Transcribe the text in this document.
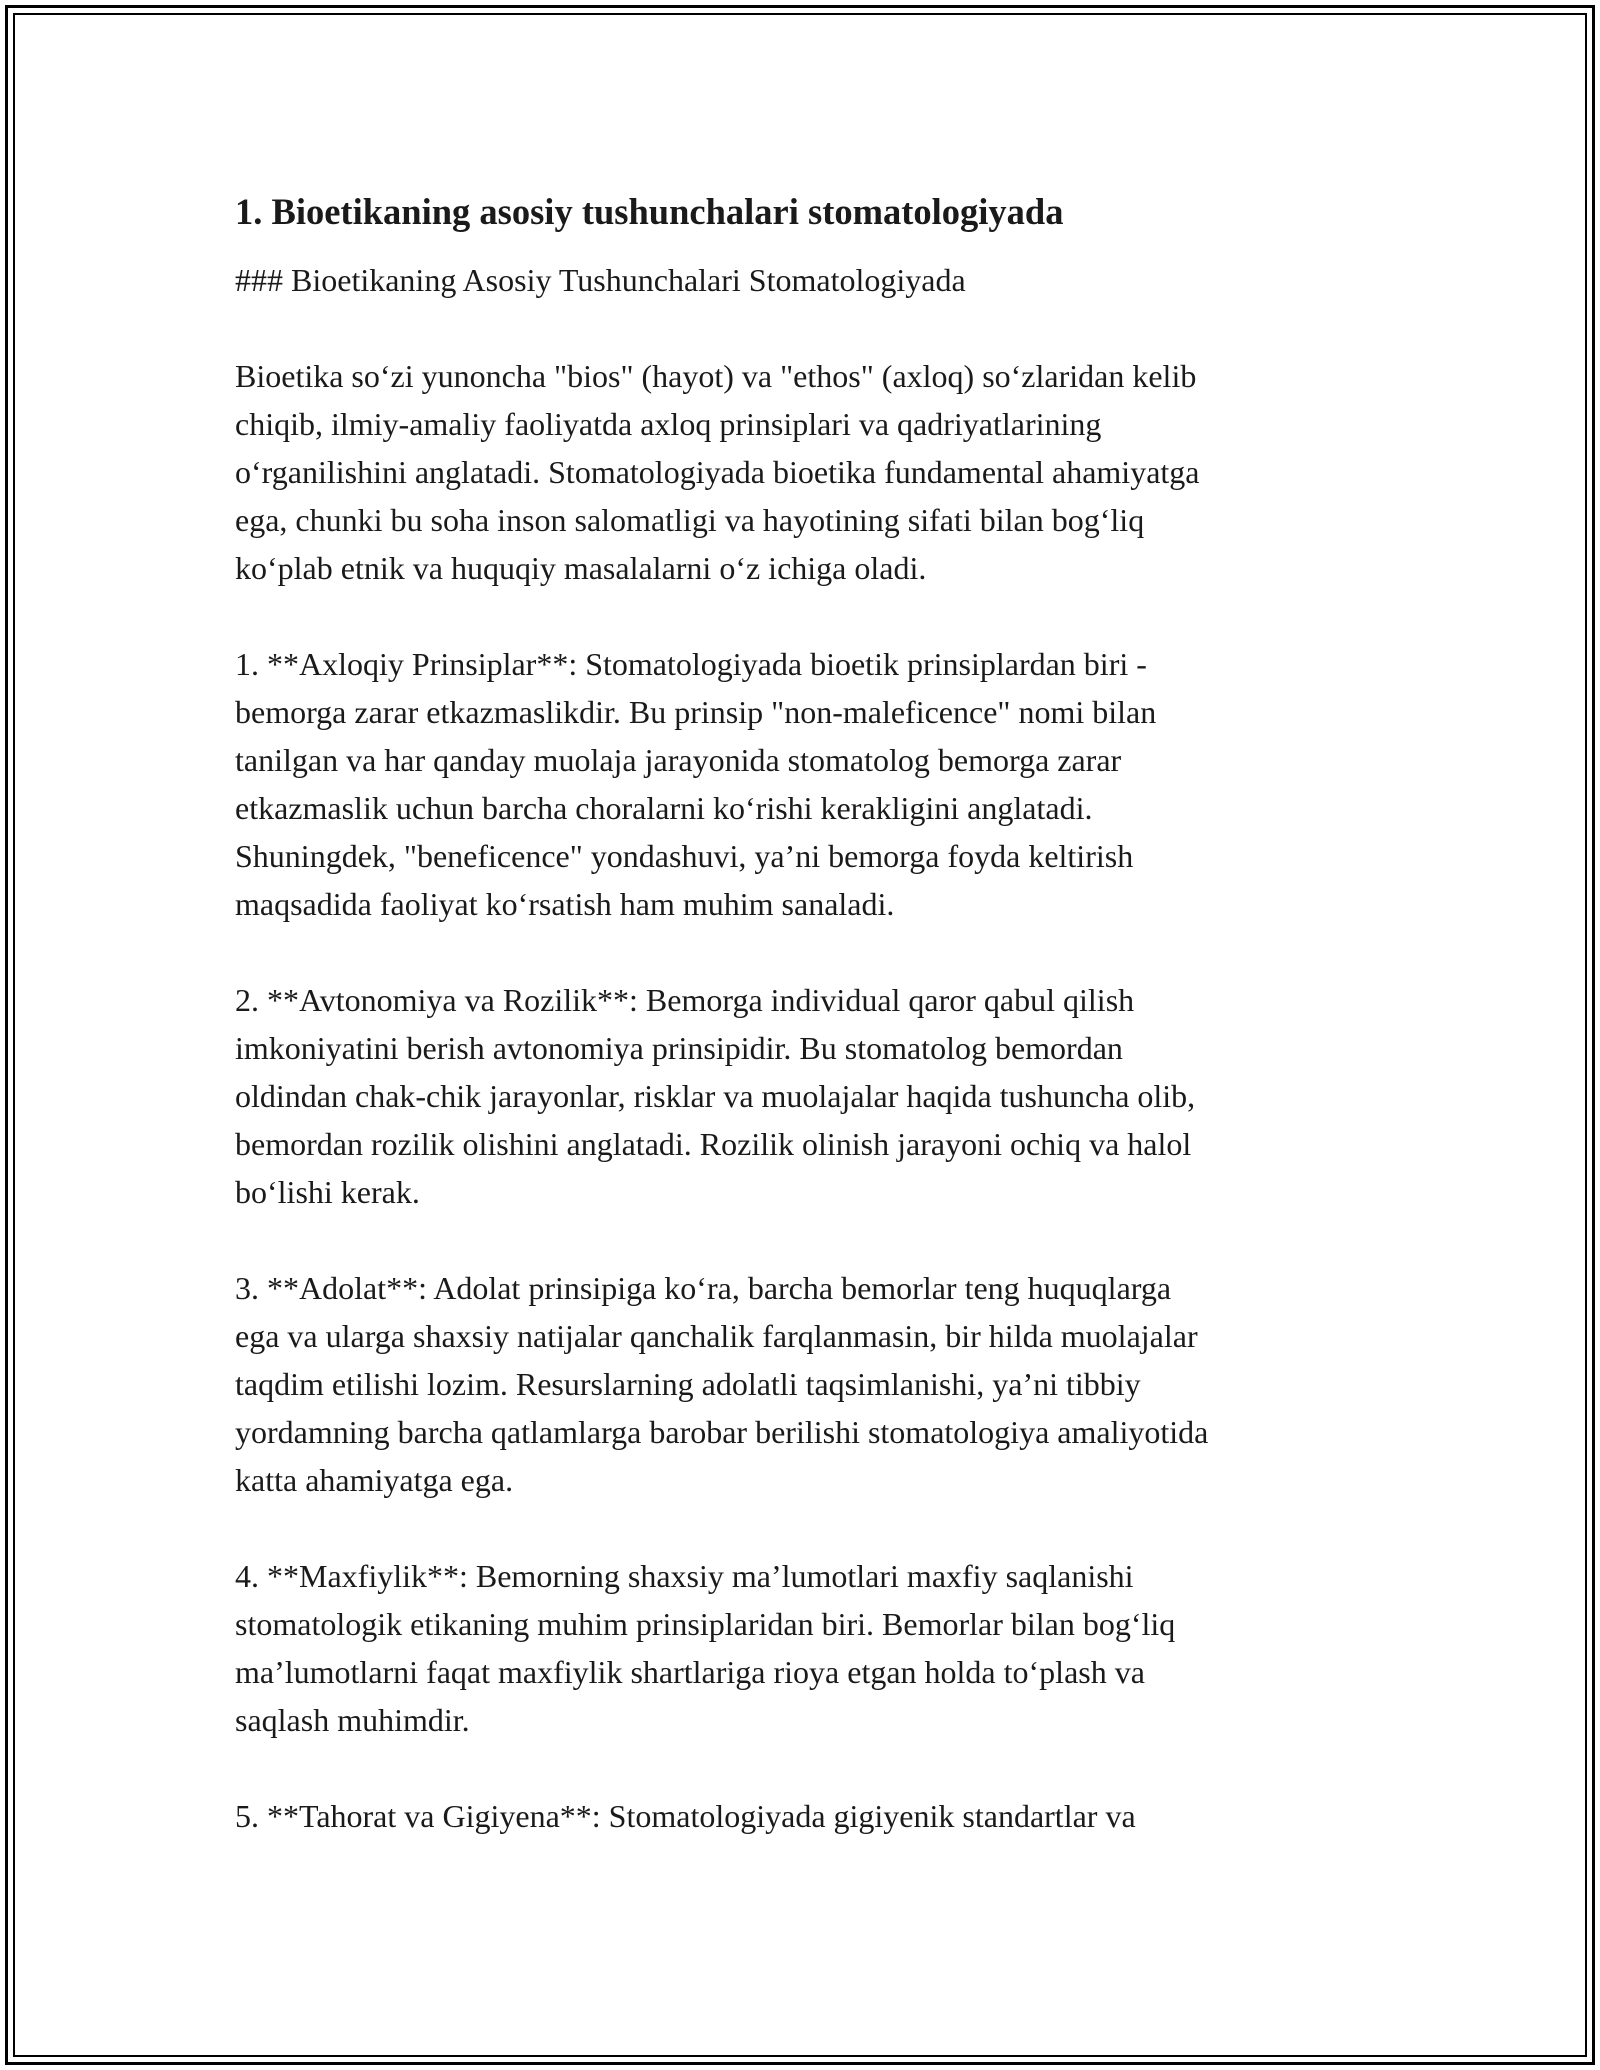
1. Bioetikaning asosiy tushunchalari stomatologiyada
### Bioetikaning Asosiy Tushunchalari Stomatologiyada
Bioetika so‘zi yunoncha "bios" (hayot) va "ethos" (axloq) so‘zlaridan kelib
chiqib, ilmiy-amaliy faoliyatda axloq prinsiplari va qadriyatlarining
o‘rganilishini anglatadi. Stomatologiyada bioetika fundamental ahamiyatga
ega, chunki bu soha inson salomatligi va hayotining sifati bilan bog‘liq
ko‘plab etnik va huquqiy masalalarni o‘z ichiga oladi.
1. **Axloqiy Prinsiplar**: Stomatologiyada bioetik prinsiplardan biri -
bemorga zarar etkazmaslikdir. Bu prinsip "non-maleficence" nomi bilan
tanilgan va har qanday muolaja jarayonida stomatolog bemorga zarar
etkazmaslik uchun barcha choralarni ko‘rishi kerakligini anglatadi.
Shuningdek, "beneficence" yondashuvi, ya’ni bemorga foyda keltirish
maqsadida faoliyat ko‘rsatish ham muhim sanaladi.
2. **Avtonomiya va Rozilik**: Bemorga individual qaror qabul qilish
imkoniyatini berish avtonomiya prinsipidir. Bu stomatolog bemordan
oldindan chak-chik jarayonlar, risklar va muolajalar haqida tushuncha olib,
bemordan rozilik olishini anglatadi. Rozilik olinish jarayoni ochiq va halol
bo‘lishi kerak.
3. **Adolat**: Adolat prinsipiga ko‘ra, barcha bemorlar teng huquqlarga
ega va ularga shaxsiy natijalar qanchalik farqlanmasin, bir hilda muolajalar
taqdim etilishi lozim. Resurslarning adolatli taqsimlanishi, ya’ni tibbiy
yordamning barcha qatlamlarga barobar berilishi stomatologiya amaliyotida
katta ahamiyatga ega.
4. **Maxfiylik**: Bemorning shaxsiy ma’lumotlari maxfiy saqlanishi
stomatologik etikaning muhim prinsiplaridan biri. Bemorlar bilan bog‘liq
ma’lumotlarni faqat maxfiylik shartlariga rioya etgan holda to‘plash va
saqlash muhimdir.
5. **Tahorat va Gigiyena**: Stomatologiyada gigiyenik standartlar va
